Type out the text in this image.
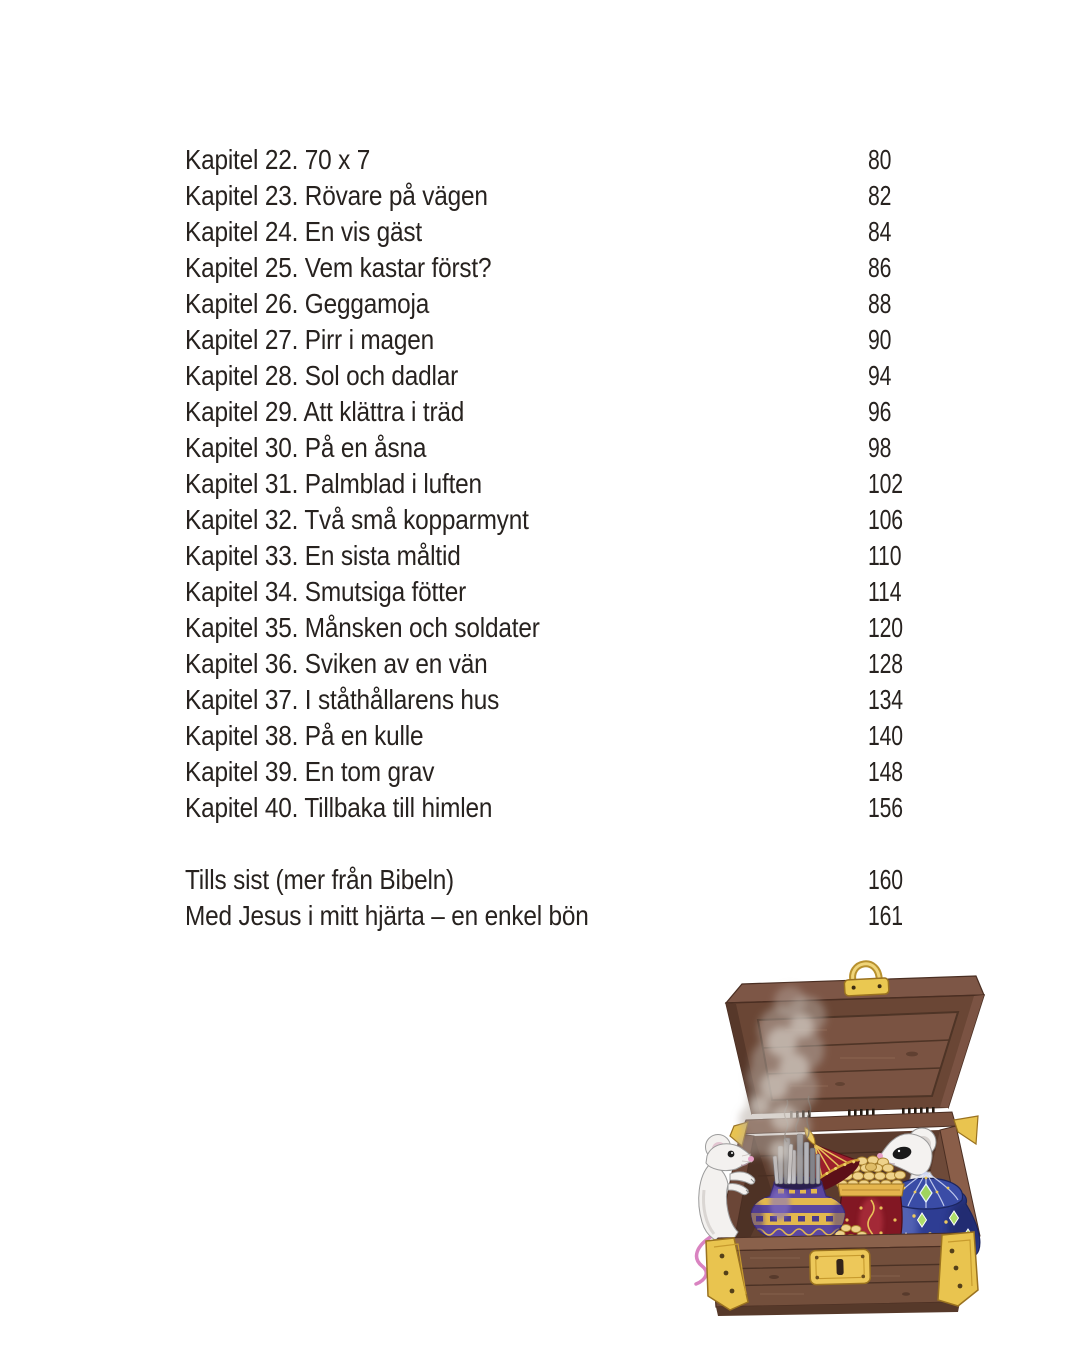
Kapitel 22. 70 x 7	80
Kapitel 23. Rövare på vägen	82
Kapitel 24. En vis gäst	84
Kapitel 25. Vem kastar först?	86
Kapitel 26. Geggamoja	88
Kapitel 27. Pirr i magen	90
Kapitel 28. Sol och dadlar	94
Kapitel 29. Att klättra i träd	96
Kapitel 30. På en åsna	98
Kapitel 31. Palmblad i luften	102
Kapitel 32. Två små kopparmynt	106
Kapitel 33. En sista måltid	110
Kapitel 34. Smutsiga fötter	114
Kapitel 35. Månsken och soldater	120
Kapitel 36. Sviken av en vän	128
Kapitel 37. I ståthållarens hus	134
Kapitel 38. På en kulle	140
Kapitel 39. En tom grav	148
Kapitel 40. Tillbaka till himlen	156
Tills sist (mer från Bibeln)	160
Med Jesus i mitt hjärta – en enkel bön	161
